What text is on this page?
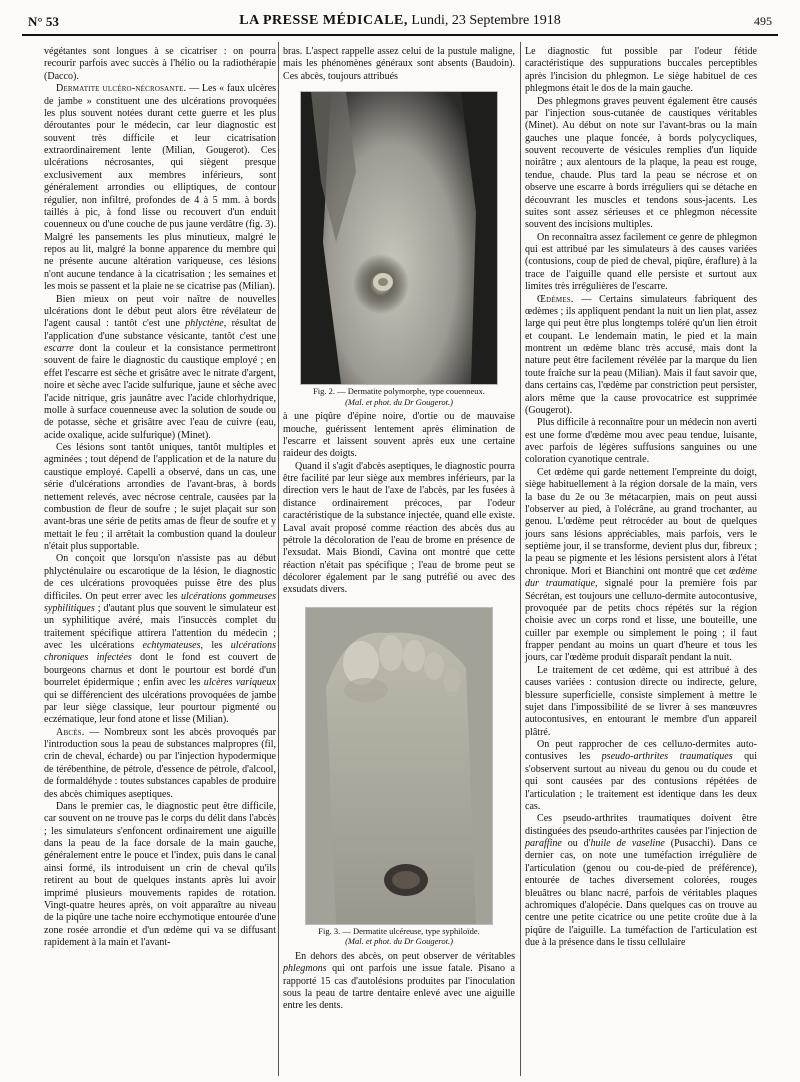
N° 53	LA PRESSE MÉDICALE, Lundi, 23 Septembre 1918	495

végétantes sont longues à se cicatriser : on pourra recourir parfois avec succès à l'hélio ou la radiothérapie (Dacco).

Dermatite ulcéro-nécrosante. — Les « faux ulcères de jambe » constituent une des ulcérations provoquées les plus souvent notées durant cette guerre et les plus déroutantes pour le médecin, car leur diagnostic est souvent très difficile et leur cicatrisation extraordinairement lente (Milian, Gougerot). Ces ulcérations nécrosantes, qui siègent presque exclusivement aux membres inférieurs, sont généralement arrondies ou elliptiques, de contour régulier, non infiltré, profondes de 4 à 5 mm. à bords taillés à pic, à fond lisse ou recouvert d'un enduit couenneux ou d'une couche de pus jaune verdâtre (fig. 3). Malgré les pansements les plus minutieux, malgré le repos au lit, malgré la bonne apparence du membre qui ne présente aucune altération variqueuse, ces lésions n'ont aucune tendance à la cicatrisation ; les semaines et les mois se passent et la plaie ne se cicatrise pas (Milian).

Bien mieux on peut voir naître de nouvelles ulcérations dont le début peut alors être révélateur de l'agent causal : tantôt c'est une phlyctène, résultat de l'application d'une substance vésicante, tantôt c'est une escarre dont la couleur et la consistance permettront souvent de faire le diagnostic du caustique employé ; en effet l'escarre est sèche et grisâtre avec le nitrate d'argent, noire et sèche avec l'acide sulfurique, jaune et sèche avec l'acide nitrique, gris jaunâtre avec l'acide chlorhydrique, molle à surface couenneuse avec la solution de soude ou de potasse, sèche et grisâtre avec l'eau de cuivre (eau, acide oxalique, acide sulfurique) (Minet).

Ces lésions sont tantôt uniques, tantôt multiples et agminées ; tout dépend de l'application et de la nature du caustique employé. Capelli a observé, dans un cas, une série d'ulcérations arrondies de l'avant-bras, à bords nettement relevés, avec nécrose centrale, causées par la combustion de fleur de soufre ; le sujet plaçait sur son avant-bras une série de petits amas de fleur de soufre et y mettait le feu ; il arrêtait la combustion quand la douleur n'était plus supportable.

On conçoit que lorsqu'on n'assiste pas au début phlycténulaire ou escarotique de la lésion, le diagnostic de ces ulcérations provoquées puisse être des plus difficiles. On peut errer avec les ulcérations gommeuses syphilitiques ; d'autant plus que souvent le simulateur est un syphilitique avéré, mais l'insuccès complet du traitement spécifique attirera l'attention du médecin ; avec les ulcérations echtymateuses, les ulcérations chroniques infectées dont le fond est couvert de bourgeons charnus et dont le pourtour est bordé d'un bourrelet épidermique ; enfin avec les ulcères variqueux qui se différencient des ulcérations provoquées de jambe par leur siège classique, leur pourtour pigmenté ou eczématique, leur fond atone et lisse (Milian).

Abcès. — Nombreux sont les abcès provoqués par l'introduction sous la peau de substances malpropres (fil, crin de cheval, écharde) ou par l'injection hypodermique de térébenthine, de pétrole, d'essence de pétrole, d'alcool, de formaldéhyde : toutes substances capables de produire des abcès chimiques aseptiques.

Dans le premier cas, le diagnostic peut être difficile, car souvent on ne trouve pas le corps du délit dans l'abcès ; les simulateurs s'enfoncent ordinairement une aiguille dans la peau de la face dorsale de la main gauche, généralement entre le pouce et l'index, puis dans le canal ainsi formé, ils introduisent un crin de cheval qu'ils retirent au bout de quelques instants après lui avoir imprimé plusieurs mouvements rapides de rotation. Vingt-quatre heures après, on voit apparaître au niveau de la piqûre une tache noire ecchymotique entourée d'une zone rosée arrondie et d'un œdème qui va se diffusant rapidement à la main et l'avant-

bras. L'aspect rappelle assez celui de la pustule maligne, mais les phénomènes généraux sont absents (Baudoin). Ces abcès, toujours attribués

Fig. 2. — Dermatite polymorphe, type couenneux.
(Mal. et phot. du Dr Gougerot.)

à une piqûre d'épine noire, d'ortie ou de mauvaise mouche, guérissent lentement après élimination de l'escarre et laissent souvent après eux une certaine raideur des doigts.

Quand il s'agit d'abcès aseptiques, le diagnostic pourra être facilité par leur siège aux membres inférieurs, par la direction vers le haut de l'axe de l'abcès, par les fusées à distance ordinairement précoces, par l'odeur caractéristique de la substance injectée, quand elle existe. Laval avait proposé comme réaction des abcès dus au pétrole la décoloration de l'eau de brome en présence de l'exsudat. Mais Biondi, Cavina ont montré que cette réaction n'était pas spécifique ; l'eau de brome peut se décolorer également par le sang putréfié ou avec des exsudats divers.

Fig. 3. — Dermatite ulcéreuse, type syphiloïde.
(Mal. et phot. du Dr Gougerot.)

En dehors des abcès, on peut observer de véritables phlegmons qui ont parfois une issue fatale. Pisano a rapporté 15 cas d'autolésions produites par l'inoculation sous la peau de tartre dentaire enlevé avec une aiguille entre les dents.

Le diagnostic fut possible par l'odeur fétide caractéristique des suppurations buccales perceptibles après l'incision du phlegmon. Le siège habituel de ces phlegmons était le dos de la main gauche.

Des phlegmons graves peuvent également être causés par l'injection sous-cutanée de caustiques véritables (Minet). Au début on note sur l'avant-bras ou la main gauches une plaque foncée, à bords polycycliques, souvent recouverte de vésicules remplies d'un liquide noirâtre ; aux alentours de la plaque, la peau est rouge, tendue, chaude. Plus tard la peau se nécrose et on observe une escarre à bords irréguliers qui se détache en découvrant les muscles et tendons sous-jacents. Les suites sont assez sérieuses et ce phlegmon nécessite souvent des incisions multiples.

On reconnaîtra assez facilement ce genre de phlegmon qui est attribué par les simulateurs à des causes variées (contusions, coup de pied de cheval, piqûre, éraflure) à la trace de l'aiguille quand elle persiste et surtout aux limites très irrégulières de l'escarre.

Œdèmes. — Certains simulateurs fabriquent des œdèmes ; ils appliquent pendant la nuit un lien plat, assez large qui peut être plus longtemps toléré qu'un lien étroit et coupant. Le lendemain matin, le pied et la main montrent un œdème blanc très accusé, mais dont la nature peut être facilement révélée par la marque du lien toute fraîche sur la peau (Milian). Mais il faut savoir que, dans certains cas, l'œdème par constriction peut persister, alors même que la cause provocatrice est supprimée (Gougerot).

Plus difficile à reconnaître pour un médecin non averti est une forme d'œdème mou avec peau tendue, luisante, avec parfois de légères suffusions sanguines ou une coloration cyanotique centrale.

Cet œdème qui garde nettement l'empreinte du doigt, siège habituellement à la région dorsale de la main, vers la base du 2e ou 3e métacarpien, mais on peut aussi l'observer au pied, à l'olécrâne, au grand trochanter, au genou. L'œdème peut rétrocéder au bout de quelques jours sans lésions appréciables, mais parfois, vers le septième jour, il se transforme, devient plus dur, fibreux ; la peau se pigmente et les lésions persistent alors à l'état chronique. Mori et Bianchini ont montré que cet œdème dur traumatique, signalé pour la première fois par Sécrétan, est toujours une celluло-dermite autocontusive, provoquée par de petits chocs répétés sur la région choisie avec un corps rond et lisse, une bouteille, une cuiller par exemple ou simplement le poing ; il faut frapper pendant au moins un quart d'heure et tous les jours, car l'œdème produit disparaît pendant la nuit.

Le traitement de cet œdème, qui est attribué à des causes variées : contusion directe ou indirecte, gelure, blessure superficielle, consiste simplement à mettre le sujet dans l'impossibilité de se livrer à ses manœuvres autocontusives, en entourant le membre d'un appareil plâtré.

On peut rapprocher de ces celluло-dermites auto-contusives les pseudo-arthrites traumatiques qui s'observent surtout au niveau du genou ou du coude et qui sont causées par des contusions répétées de l'articulation ; le traitement est identique dans les deux cas.

Ces pseudo-arthrites traumatiques doivent être distinguées des pseudo-arthrites causées par l'injection de paraffine ou d'huile de vaseline (Pusacchi). Dans ce dernier cas, on note une tuméfaction irrégulière de l'articulation (genou ou cou-de-pied de préférence), entourée de taches diversement colorées, rouges bleuâtres ou blanc nacré, parfois de véritables plaques achromiques d'alopécie. Dans quelques cas on trouve au centre une petite cicatrice ou une petite croûte due à la piqûre de l'aiguille. La tuméfaction de l'articulation est due à la présence dans le tissu cellulaire
